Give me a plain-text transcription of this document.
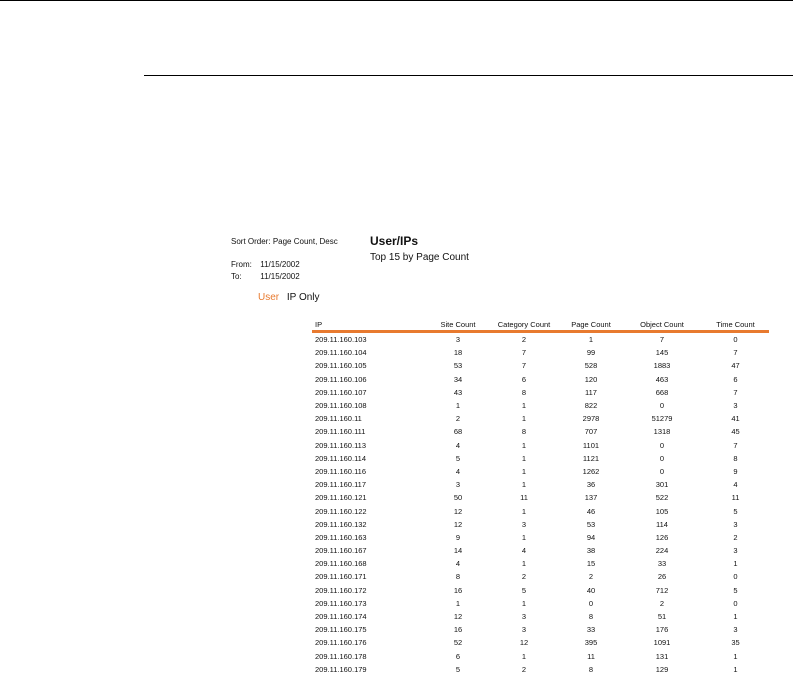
Sort Order: Page Count, Desc
From: 11/15/2002
To: 11/15/2002
User/IPs
Top 15 by Page Count
User IP Only
IP	Site Count	Category Count	Page Count	Object Count	Time Count
209.11.160.103	3	2	1	7	0
209.11.160.104	18	7	99	145	7
209.11.160.105	53	7	528	1883	47
209.11.160.106	34	6	120	463	6
209.11.160.107	43	8	117	668	7
209.11.160.108	1	1	822	0	3
209.11.160.11	2	1	2978	51279	41
209.11.160.111	68	8	707	1318	45
209.11.160.113	4	1	1101	0	7
209.11.160.114	5	1	1121	0	8
209.11.160.116	4	1	1262	0	9
209.11.160.117	3	1	36	301	4
209.11.160.121	50	11	137	522	11
209.11.160.122	12	1	46	105	5
209.11.160.132	12	3	53	114	3
209.11.160.163	9	1	94	126	2
209.11.160.167	14	4	38	224	3
209.11.160.168	4	1	15	33	1
209.11.160.171	8	2	2	26	0
209.11.160.172	16	5	40	712	5
209.11.160.173	1	1	0	2	0
209.11.160.174	12	3	8	51	1
209.11.160.175	16	3	33	176	3
209.11.160.176	52	12	395	1091	35
209.11.160.178	6	1	11	131	1
209.11.160.179	5	2	8	129	1
